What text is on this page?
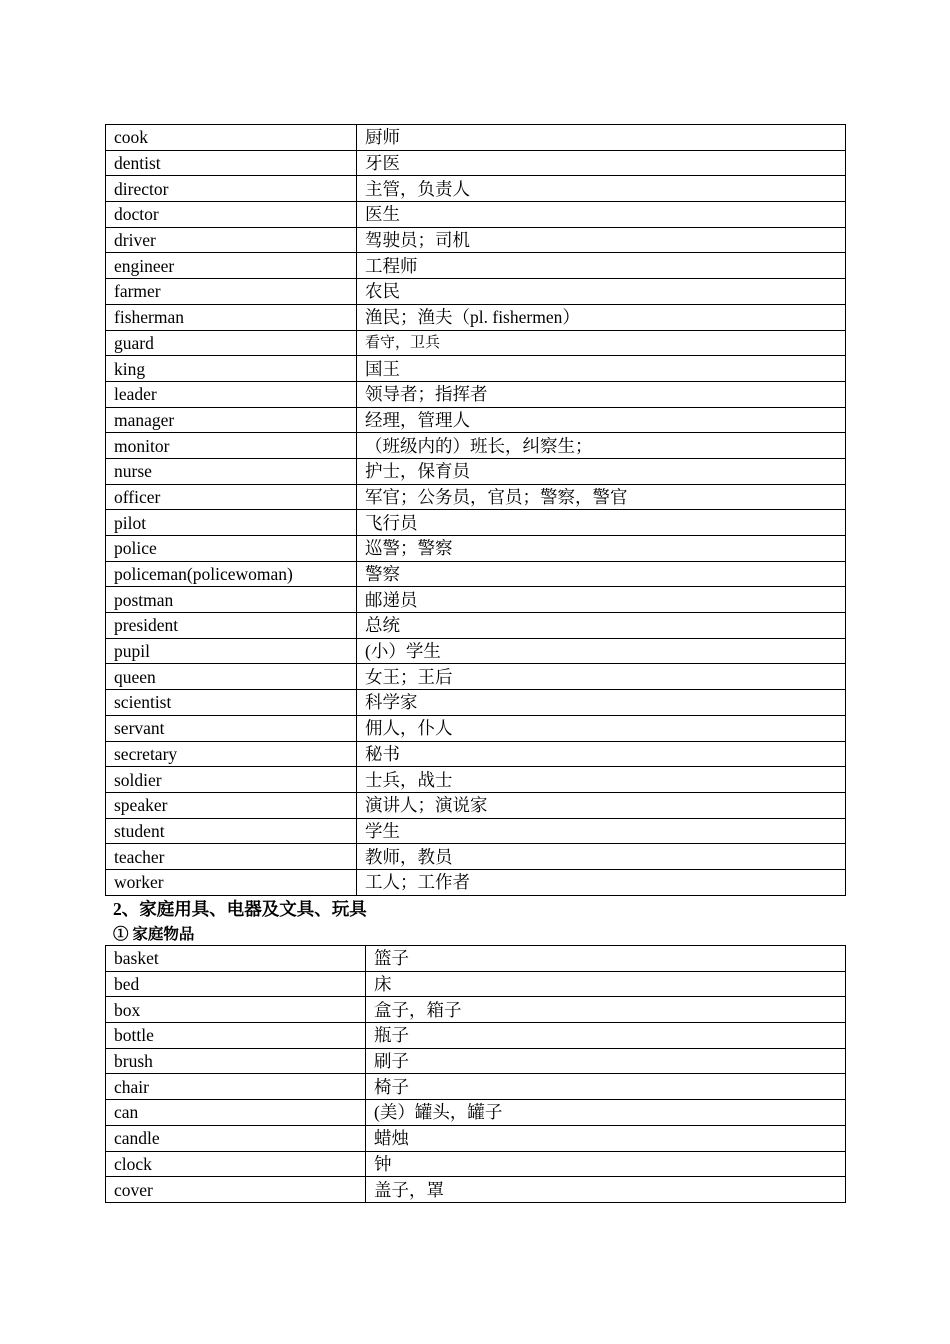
cook	厨师
dentist	牙医
director	主管，负责人
doctor	医生
driver	驾驶员；司机
engineer	工程师
farmer	农民
fisherman	渔民；渔夫（pl. fishermen）
guard	看守，卫兵
king	国王
leader	领导者；指挥者
manager	经理，管理人
monitor	（班级内的）班长，纠察生；
nurse	护士，保育员
officer	军官；公务员，官员；警察，警官
pilot	飞行员
police	巡警；警察
policeman(policewoman)	警察
postman	邮递员
president	总统
pupil	(小）学生
queen	女王；王后
scientist	科学家
servant	佣人，仆人
secretary	秘书
soldier	士兵，战士
speaker	演讲人；演说家
student	学生
teacher	教师，教员
worker	工人；工作者
2、家庭用具、电器及文具、玩具
① 家庭物品
basket	篮子
bed	床
box	盒子，箱子
bottle	瓶子
brush	刷子
chair	椅子
can	(美）罐头，罐子
candle	蜡烛
clock	钟
cover	盖子，罩
